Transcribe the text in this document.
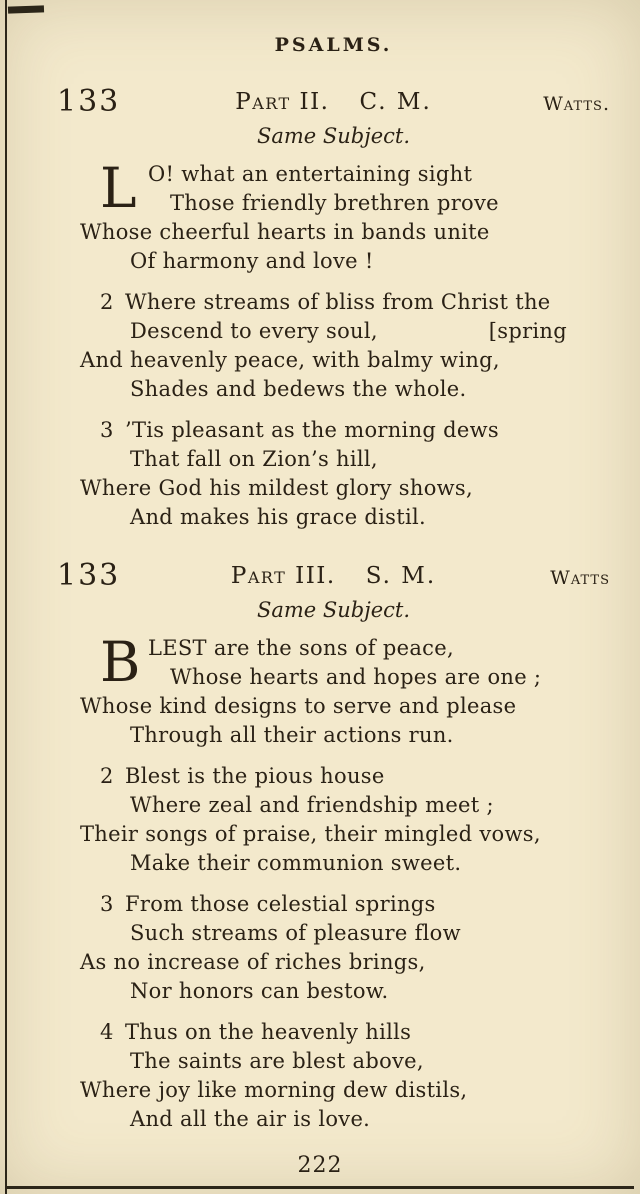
PSALMS.
133	Part II. C. M.	Watts.
Same Subject.
L O! what an entertaining sight
Those friendly brethren prove
Whose cheerful hearts in bands unite
Of harmony and love !
2 Where streams of bliss from Christ the
Descend to every soul,	[spring
And heavenly peace, with balmy wing,
Shades and bedews the whole.
3 ’Tis pleasant as the morning dews
That fall on Zion’s hill,
Where God his mildest glory shows,
And makes his grace distil.
133	Part III. S. M.	Watts
Same Subject.
B LEST are the sons of peace,
Whose hearts and hopes are one ;
Whose kind designs to serve and please
Through all their actions run.
2 Blest is the pious house
Where zeal and friendship meet ;
Their songs of praise, their mingled vows,
Make their communion sweet.
3 From those celestial springs
Such streams of pleasure flow
As no increase of riches brings,
Nor honors can bestow.
4 Thus on the heavenly hills
The saints are blest above,
Where joy like morning dew distils,
And all the air is love.
222
